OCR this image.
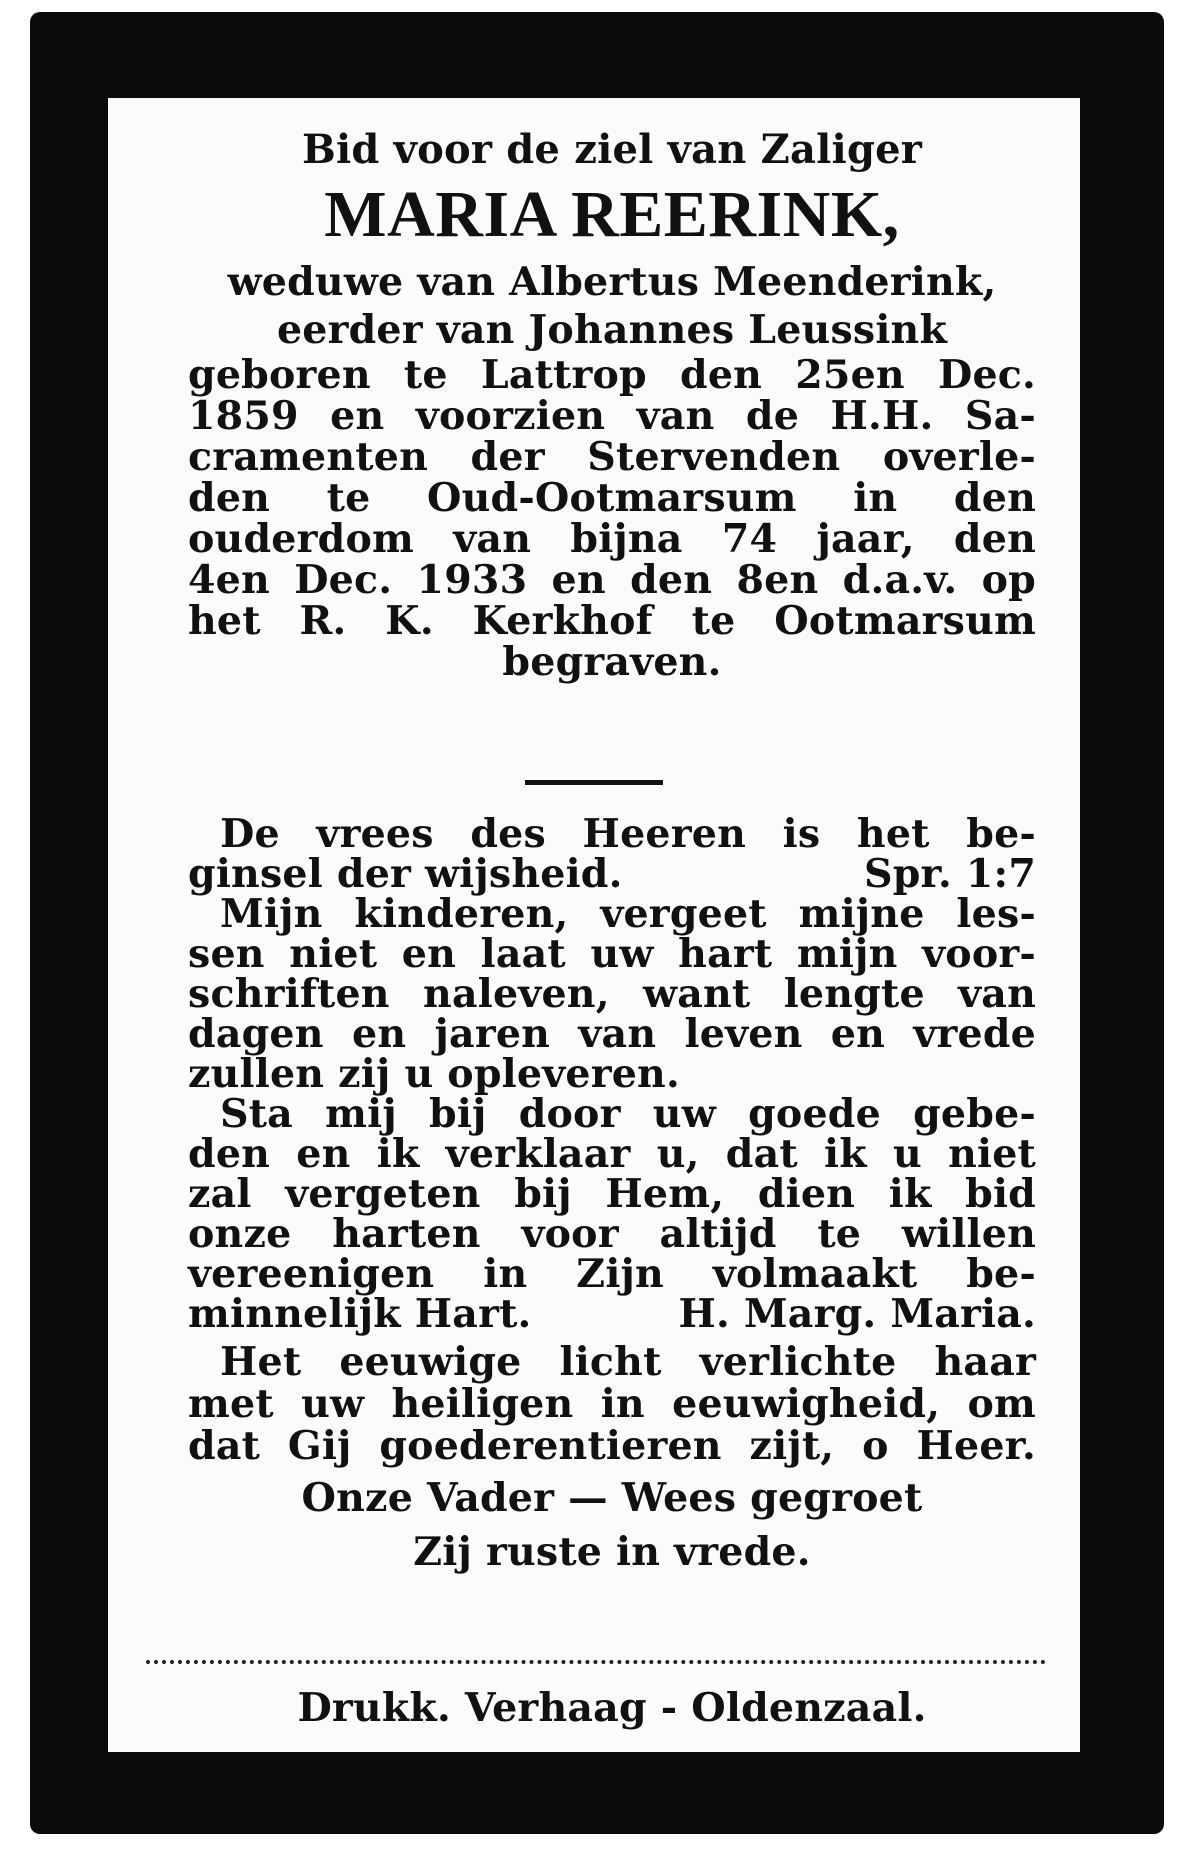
Bid voor de ziel van Zaliger
MARIA REERINK,
weduwe van Albertus Meenderink,
eerder van Johannes Leussink
geboren te Lattrop den 25en Dec.
1859 en voorzien van de H.H. Sa-
cramenten der Stervenden overle-
den te Oud-Ootmarsum in den
ouderdom van bijna 74 jaar, den
4en Dec. 1933 en den 8en d.a.v. op
het R. K. Kerkhof te Ootmarsum
begraven.
De vrees des Heeren is het be-
ginsel der wijsheid.	Spr. 1:7
Mijn kinderen, vergeet mijne les-
sen niet en laat uw hart mijn voor-
schriften naleven, want lengte van
dagen en jaren van leven en vrede
zullen zij u opleveren.
Sta mij bij door uw goede gebe-
den en ik verklaar u, dat ik u niet
zal vergeten bij Hem, dien ik bid
onze harten voor altijd te willen
vereenigen in Zijn volmaakt be-
minnelijk Hart.	H. Marg. Maria.
Het eeuwige licht verlichte haar
met uw heiligen in eeuwigheid, om
dat Gij goederentieren zijt, o Heer.
Onze Vader — Wees gegroet
Zij ruste in vrede.
Drukk. Verhaag - Oldenzaal.
